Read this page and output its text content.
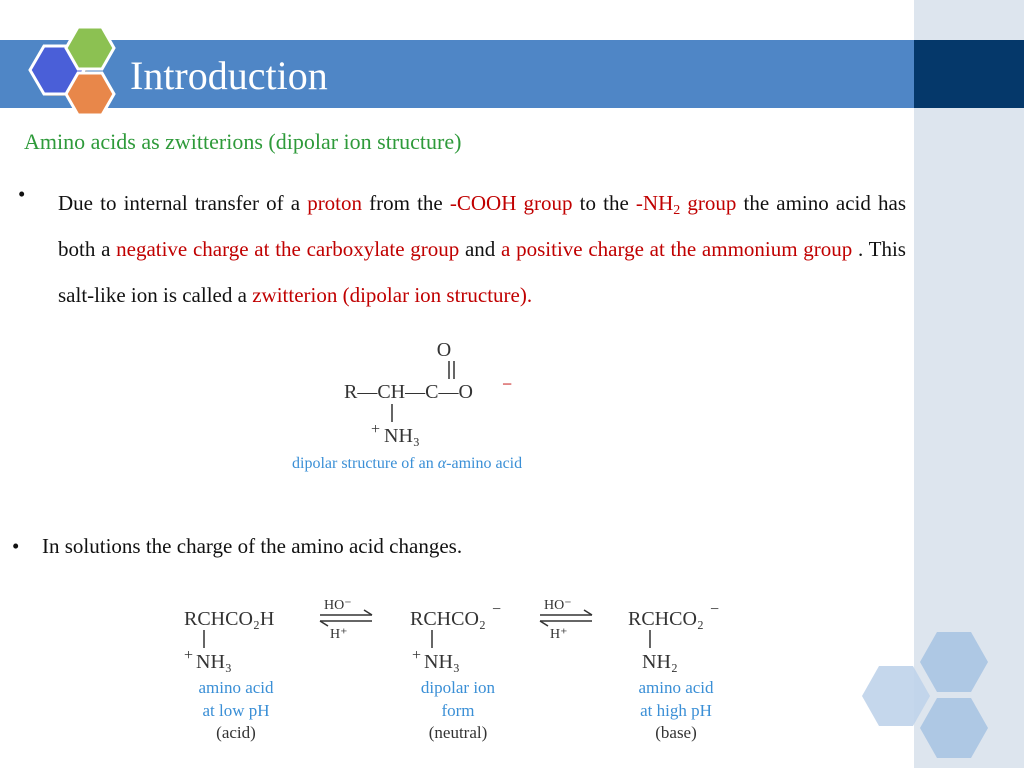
Introduction
Amino acids as zwitterions (dipolar ion structure)
• Due to internal transfer of a proton from the -COOH group to the $-NH_2$ group the amino acid has both a negative charge at the carboxylate group and a positive charge at the ammonium group . This salt-like ion is called a zwitterion (dipolar ion structure).

O
R—CH—C—O −
+ NH₃
dipolar structure of an α-amino acid
• In solutions the charge of the amino acid changes.
RCHCO₂H
+ NH₃
amino acid
at low pH
(acid)
HO⁻
H⁺
RCHCO₂ −
+ NH₃
dipolar ion
form
(neutral)
HO⁻
H⁺
RCHCO₂ −
NH₂
amino acid
at high pH
(base)
